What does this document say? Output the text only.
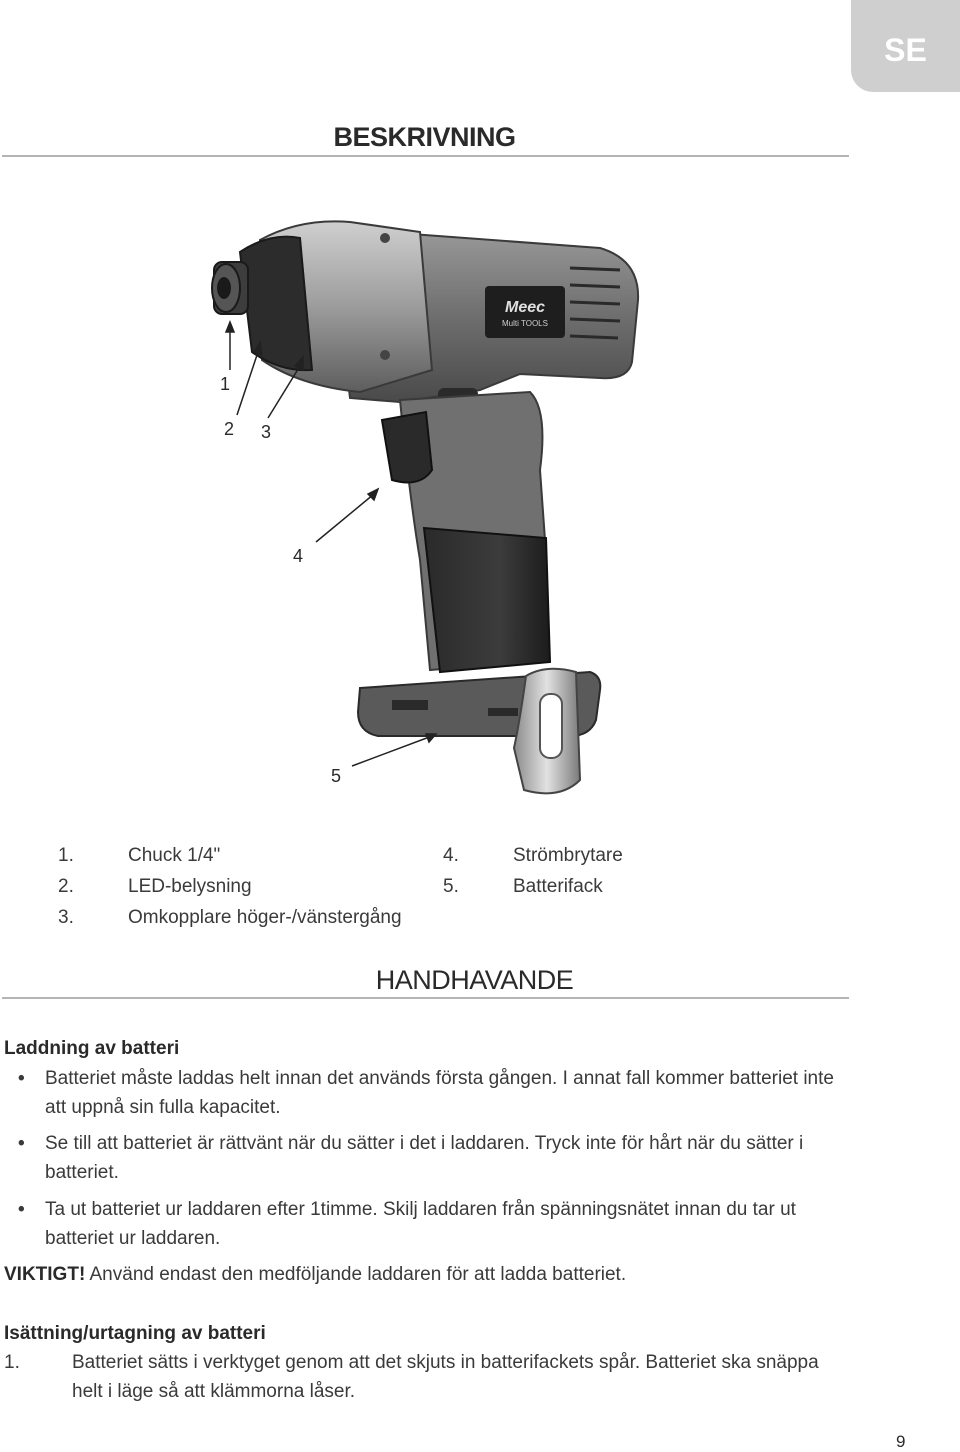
SE
BESKRIVNING
Meec
Multi TOOLS
1
2 3
4
5
1.	Chuck 1/4"
2.	LED-belysning
3.	Omkopplare höger-/vänstergång
4.	Strömbrytare
5.	Batterifack
HANDHAVANDE
Laddning av batteri
• Batteriet måste laddas helt innan det används första gången. I annat fall kommer batteriet inte att uppnå sin fulla kapacitet.
• Se till att batteriet är rättvänt när du sätter i det i laddaren. Tryck inte för hårt när du sätter i batteriet.
• Ta ut batteriet ur laddaren efter 1timme. Skilj laddaren från spänningsnätet innan du tar ut batteriet ur laddaren.
VIKTIGT! Använd endast den medföljande laddaren för att ladda batteriet.
Isättning/urtagning av batteri
1.	Batteriet sätts i verktyget genom att det skjuts in batterifackets spår. Batteriet ska snäppa helt i läge så att klämmorna låser.
9
